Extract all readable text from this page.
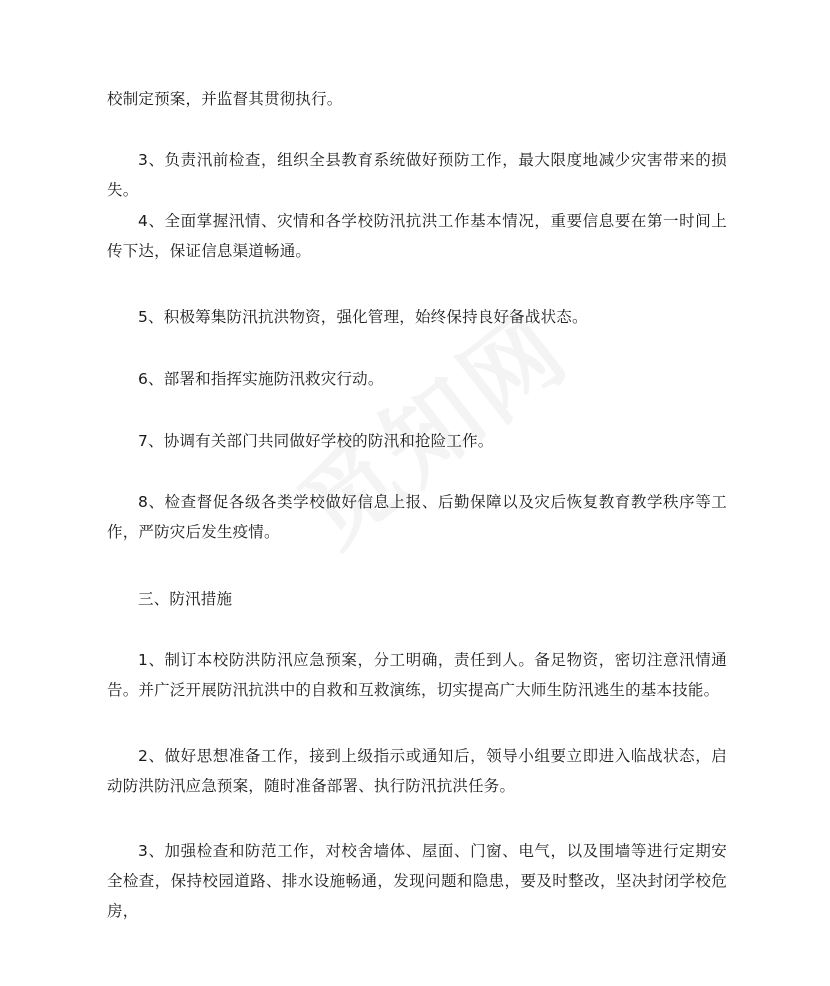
校制定预案，并监督其贯彻执行。

3、负责汛前检查，组织全县教育系统做好预防工作，最大限度地减少灾害带来的损失。

4、全面掌握汛情、灾情和各学校防汛抗洪工作基本情况，重要信息要在第一时间上传下达，保证信息渠道畅通。

5、积极筹集防汛抗洪物资，强化管理，始终保持良好备战状态。

6、部署和指挥实施防汛救灾行动。

7、协调有关部门共同做好学校的防汛和抢险工作。

8、检查督促各级各类学校做好信息上报、后勤保障以及灾后恢复教育教学秩序等工作，严防灾后发生疫情。

三、防汛措施

1、制订本校防洪防汛应急预案，分工明确，责任到人。备足物资，密切注意汛情通告。并广泛开展防汛抗洪中的自救和互救演练，切实提高广大师生防汛逃生的基本技能。

2、做好思想准备工作，接到上级指示或通知后，领导小组要立即进入临战状态，启动防洪防汛应急预案，随时准备部署、执行防汛抗洪任务。

3、加强检查和防范工作，对校舍墙体、屋面、门窗、电气，以及围墙等进行定期安全检查，保持校园道路、排水设施畅通，发现问题和隐患，要及时整改，坚决封闭学校危房，
